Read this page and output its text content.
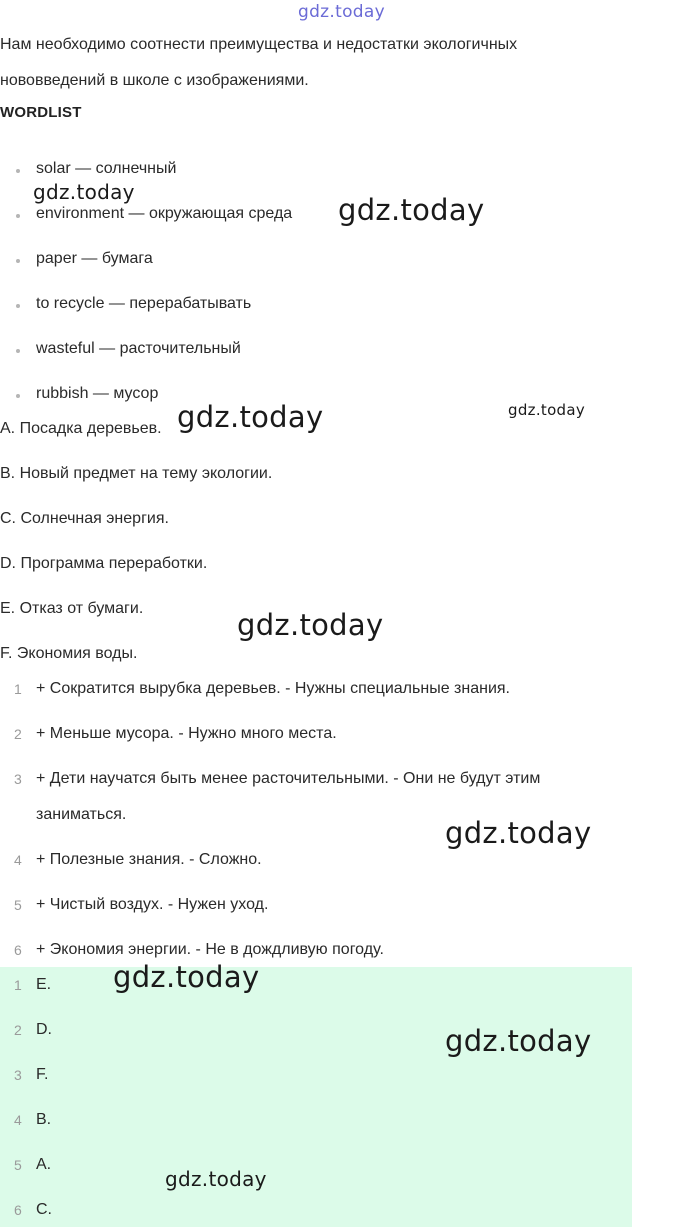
Нам необходимо соотнести преимущества и недостатки экологичных
нововведений в школе с изображениями.
WORDLIST
solar — солнечный
environment — окружающая среда
paper — бумага
to recycle — перерабатывать
wasteful — расточительный
rubbish — мусор
A. Посадка деревьев.
B. Новый предмет на тему экологии.
C. Солнечная энергия.
D. Программа переработки.
E. Отказ от бумаги.
F. Экономия воды.
1 + Сократится вырубка деревьев. - Нужны специальные знания.
2 + Меньше мусора. - Нужно много места.
3 + Дети научатся быть менее расточительными. - Они не будут этим
заниматься.
4 + Полезные знания. - Сложно.
5 + Чистый воздух. - Нужен уход.
6 + Экономия энергии. - Не в дождливую погоду.
1 E.
2 D.
3 F.
4 B.
5 A.
6 C.
gdz.today
gdz.today
gdz.today
gdz.today	gdz.today
gdz.today
gdz.today
gdz.today
gdz.today
gdz.today
